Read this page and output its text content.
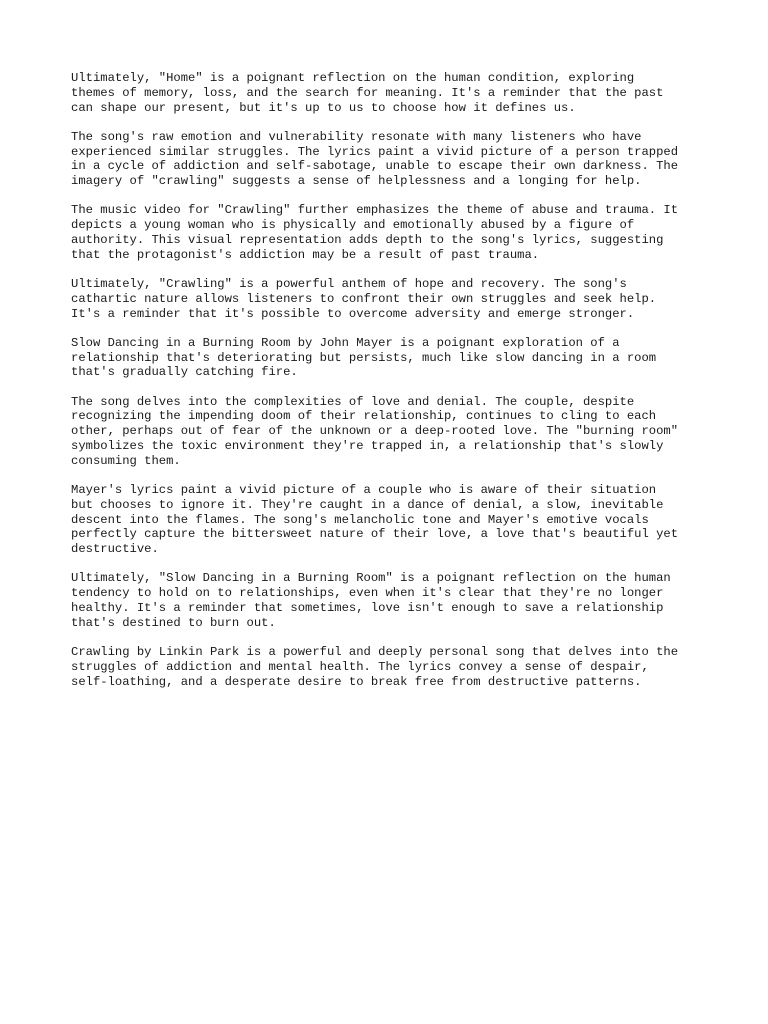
Ultimately, "Home" is a poignant reflection on the human condition, exploring
themes of memory, loss, and the search for meaning. It's a reminder that the past
can shape our present, but it's up to us to choose how it defines us.

The song's raw emotion and vulnerability resonate with many listeners who have
experienced similar struggles. The lyrics paint a vivid picture of a person trapped
in a cycle of addiction and self-sabotage, unable to escape their own darkness. The
imagery of "crawling" suggests a sense of helplessness and a longing for help.

The music video for "Crawling" further emphasizes the theme of abuse and trauma. It
depicts a young woman who is physically and emotionally abused by a figure of
authority. This visual representation adds depth to the song's lyrics, suggesting
that the protagonist's addiction may be a result of past trauma.

Ultimately, "Crawling" is a powerful anthem of hope and recovery. The song's
cathartic nature allows listeners to confront their own struggles and seek help.
It's a reminder that it's possible to overcome adversity and emerge stronger.

Slow Dancing in a Burning Room by John Mayer is a poignant exploration of a
relationship that's deteriorating but persists, much like slow dancing in a room
that's gradually catching fire.

The song delves into the complexities of love and denial. The couple, despite
recognizing the impending doom of their relationship, continues to cling to each
other, perhaps out of fear of the unknown or a deep-rooted love. The "burning room"
symbolizes the toxic environment they're trapped in, a relationship that's slowly
consuming them.

Mayer's lyrics paint a vivid picture of a couple who is aware of their situation
but chooses to ignore it. They're caught in a dance of denial, a slow, inevitable
descent into the flames. The song's melancholic tone and Mayer's emotive vocals
perfectly capture the bittersweet nature of their love, a love that's beautiful yet
destructive.

Ultimately, "Slow Dancing in a Burning Room" is a poignant reflection on the human
tendency to hold on to relationships, even when it's clear that they're no longer
healthy. It's a reminder that sometimes, love isn't enough to save a relationship
that's destined to burn out.

Crawling by Linkin Park is a powerful and deeply personal song that delves into the
struggles of addiction and mental health. The lyrics convey a sense of despair,
self-loathing, and a desperate desire to break free from destructive patterns.
